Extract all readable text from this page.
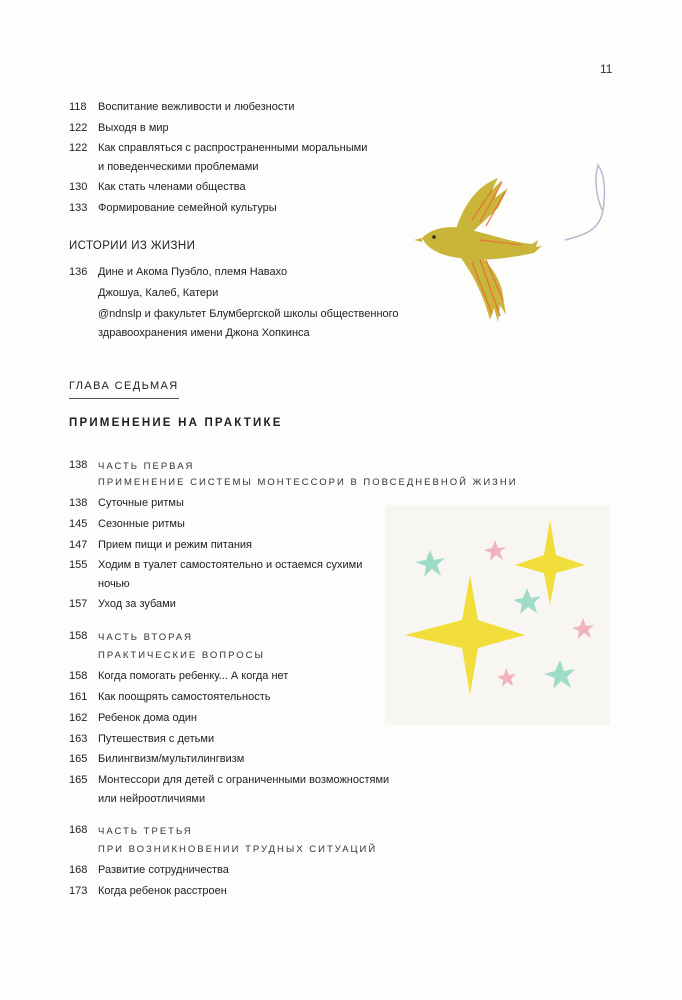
11
118 Воспитание вежливости и любезности
122 Выходя в мир
122 Как справляться с распространенными моральными
и поведенческими проблемами
130 Как стать членами общества
133 Формирование семейной культуры
ИСТОРИИ ИЗ ЖИЗНИ
136 Дине и Акома Пуэбло, племя Навахо
Джошуа, Калеб, Катери
@ndnslp и факультет Блумбергской школы общественного
здравоохранения имени Джона Хопкинса
ГЛАВА СЕДЬМАЯ
ПРИМЕНЕНИЕ НА ПРАКТИКЕ
138 ЧАСТЬ ПЕРВАЯ
ПРИМЕНЕНИЕ СИСТЕМЫ МОНТЕССОРИ В ПОВСЕДНЕВНОЙ ЖИЗНИ
138 Суточные ритмы
145 Сезонные ритмы
147 Прием пищи и режим питания
155 Ходим в туалет самостоятельно и остаемся сухими
ночью
157 Уход за зубами
158 ЧАСТЬ ВТОРАЯ
ПРАКТИЧЕСКИЕ ВОПРОСЫ
158 Когда помогать ребенку... А когда нет
161 Как поощрять самостоятельность
162 Ребенок дома один
163 Путешествия с детьми
165 Билингвизм/мультилингвизм
165 Монтессори для детей с ограниченными возможностями
или нейроотличиями
168 ЧАСТЬ ТРЕТЬЯ
ПРИ ВОЗНИКНОВЕНИИ ТРУДНЫХ СИТУАЦИЙ
168 Развитие сотрудничества
173 Когда ребенок расстроен
